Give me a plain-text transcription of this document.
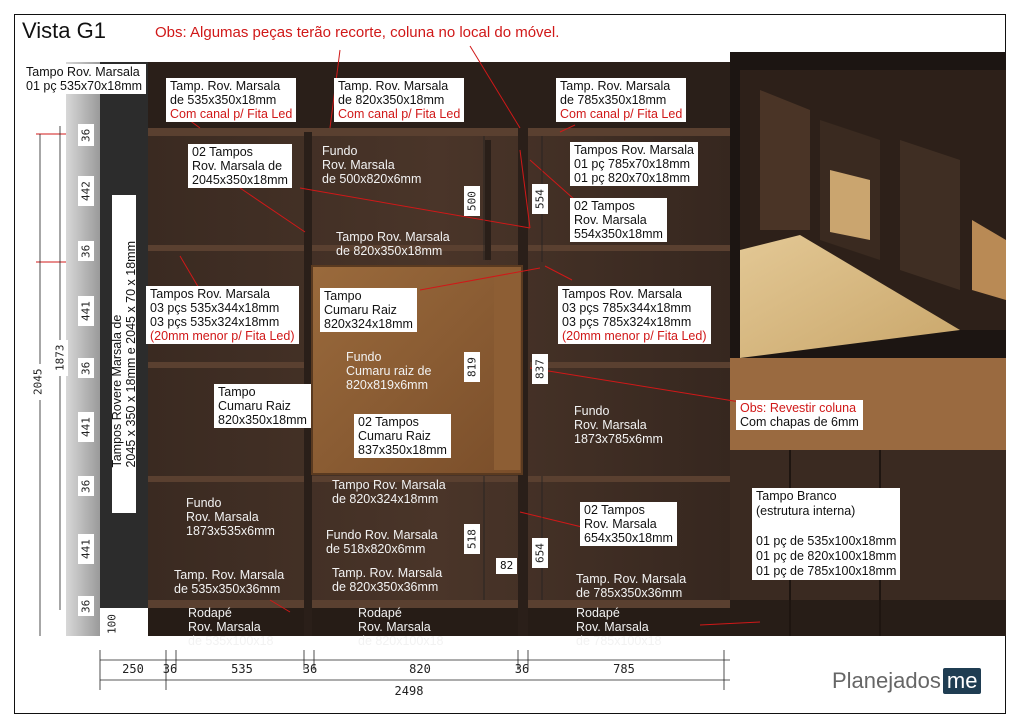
Vista G1	Obs: Algumas peças terão recorte, coluna no local do móvel.
Tampo Rov. Marsala
01 pç 535x70x18mm Tamp. Rov. Marsala
de 535x350x18mm
Com canal p/ Fita Led
Tamp. Rov. Marsala
de 820x350x18mm
Com canal p/ Fita Led
Tamp. Rov. Marsala
de 785x350x18mm
Com canal p/ Fita Led
02 Tampos
Rov. Marsala de
2045x350x18mm
Fundo
Rov. Marsala
de 500x820x6mm
Tampos Rov. Marsala
01 pç 785x70x18mm
01 pç 820x70x18mm
02 Tampos
Rov. Marsala
554x350x18mm
Tampo Rov. Marsala
de 820x350x18mm
Tampos Rov. Marsala
03 pçs 535x344x18mm
03 pçs 535x324x18mm
(20mm menor p/ Fita Led)
Tampo
Cumaru Raiz
820x324x18mm
Tampos Rov. Marsala
03 pçs 785x344x18mm
03 pçs 785x324x18mm
(20mm menor p/ Fita Led)
Fundo
Cumaru raiz de
820x819x6mm
Tampo
Cumaru Raiz
820x350x18mm	02 Tampos
Cumaru Raiz
837x350x18mm
Fundo
Rov. Marsala
1873x785x6mm
Obs: Revestir coluna
Com chapas de 6mm
Tampo Rov. Marsala
de 820x324x18mm
Fundo
Rov. Marsala
1873x535x6mm	Fundo Rov. Marsala
de 518x820x6mm
02 Tampos
Rov. Marsala
654x350x18mm
Tampo Branco
(estrutura interna)

01 pç de 535x100x18mm
01 pç de 820x100x18mm
01 pç de 785x100x18mm
Tamp. Rov. Marsala
de 535x350x36mm
Tamp. Rov. Marsala
de 820x350x36mm
Tamp. Rov. Marsala
de 785x350x36mm
Rodapé
Rov. Marsala
de 535x100x18
Rodapé
Rov. Marsala
de 820x100x18
Rodapé
Rov. Marsala
de 785x100x18
Tampos Rovere Marsala de
2045 x 350 x 18mm e 2045 x 70 x 18mm
36
442
36
441
36
441
36
441
36
100
1873
2045
500	554
819	837
518
654
82
250	36	535	36	820	36	785
2498	Planejados me
